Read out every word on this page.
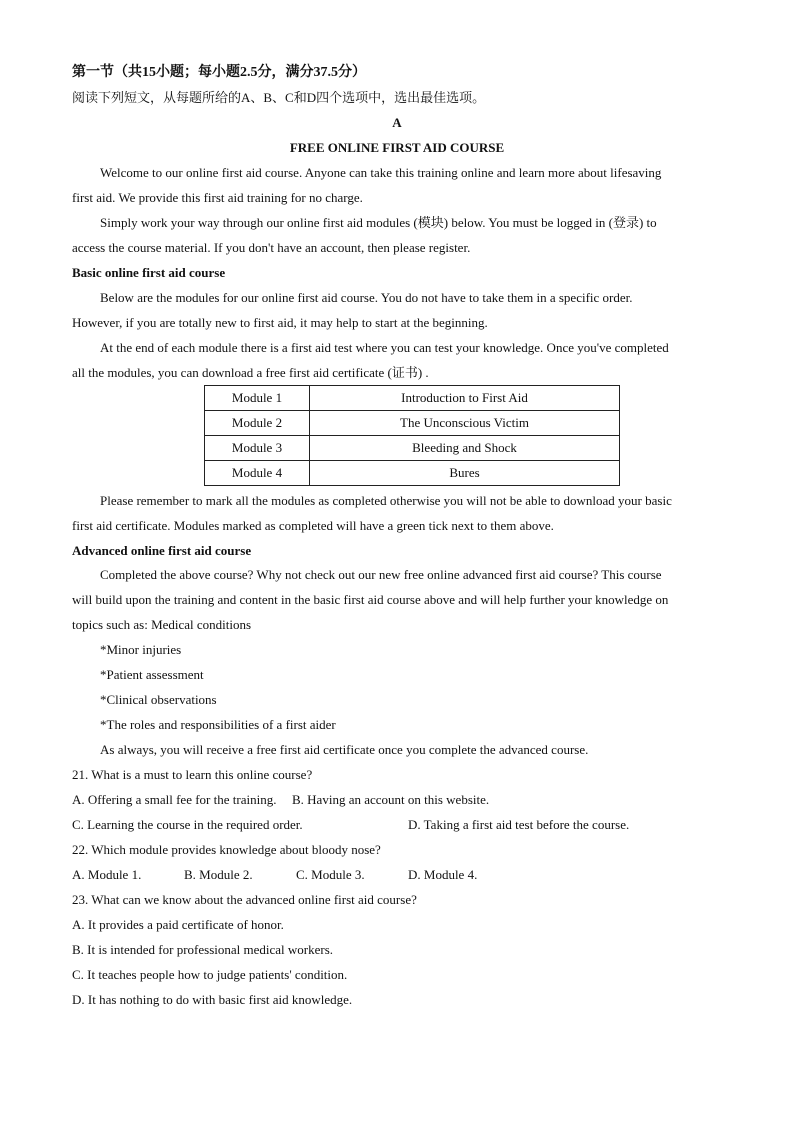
第一节（共15小题；每小题2.5分，满分37.5分）
阅读下列短文，从每题所给的A、B、C和D四个选项中，选出最佳选项。
A
FREE ONLINE FIRST AID COURSE
Welcome to our online first aid course. Anyone can take this training online and learn more about lifesaving
first aid. We provide this first aid training for no charge.
Simply work your way through our online first aid modules (模块) below. You must be logged in (登录) to
access the course material. If you don't have an account, then please register.
Basic online first aid course
Below are the modules for our online first aid course. You do not have to take them in a specific order.
However, if you are totally new to first aid, it may help to start at the beginning.
At the end of each module there is a first aid test where you can test your knowledge. Once you've completed
all the modules, you can download a free first aid certificate (证书) .
Module 1	Introduction to First Aid
Module 2	The Unconscious Victim
Module 3	Bleeding and Shock
Module 4	Bures
Please remember to mark all the modules as completed otherwise you will not be able to download your basic
first aid certificate. Modules marked as completed will have a green tick next to them above.
Advanced online first aid course
Completed the above course? Why not check out our new free online advanced first aid course? This course
will build upon the training and content in the basic first aid course above and will help further your knowledge on
topics such as: Medical conditions
*Minor injuries
*Patient assessment
*Clinical observations
*The roles and responsibilities of a first aider
As always, you will receive a free first aid certificate once you complete the advanced course.
21. What is a must to learn this online course?
A. Offering a small fee for the training. B. Having an account on this website.
C. Learning the course in the required order.	D. Taking a first aid test before the course.
22. Which module provides knowledge about bloody nose?
A. Module 1.	B. Module 2.	C. Module 3.	D. Module 4.
23. What can we know about the advanced online first aid course?
A. It provides a paid certificate of honor.
B. It is intended for professional medical workers.
C. It teaches people how to judge patients' condition.
D. It has nothing to do with basic first aid knowledge.
